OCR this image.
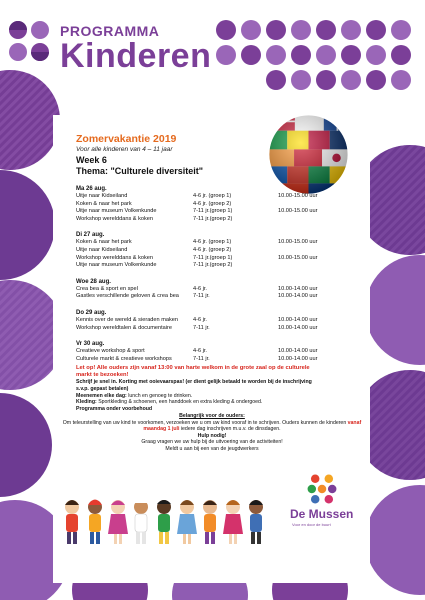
PROGRAMMA
Kinderen
Zomervakantie 2019
Voor alle kinderen van 4 – 11 jaar
Week 6
Thema: "Culturele diversiteit"
Ma 26 aug.
Uitje naar Kidseiland	4-6 jr. (groep 1)	10.00-15.00 uur
Koken & naar het park	4-6 jr. (groep 2)
Uitje naar museum Volkenkunde	7-11 jr.(groep 1)	10.00-15.00 uur
Workshop werelddans & koken	7-11 jr.(groep 2)
Di 27 aug.
Koken & naar het park	4-6 jr. (groep 1)	10.00-15.00 uur
Uitje naar Kidseiland	4-6 jr. (groep 2)
Workshop werelddans & koken	7-11 jr.(groep 1)	10.00-15.00 uur
Uitje naar museum Volkenkunde	7-11 jr.(groep 2)
Woe 28 aug.
Crea bea & sport en spel	4-6 jr.	10.00-14.00 uur
Gastles verschillende geloven & crea bea	7-11 jr.	10.00-14.00 uur
Do 29 aug.
Kennis over de wereld & sieraden maken	4-6 jr.	10.00-14.00 uur
Workshop wereldtalen & documentaire	7-11 jr.	10.00-14.00 uur
Vr 30 aug.
Creatieve workshop & sport	4-6 jr.	10.00-14.00 uur
Culturele markt & creatieve workshops	7-11 jr.	10.00-14.00 uur
Let op! Alle ouders zijn vanaf 13:00 van harte welkom in de grote zaal op de culturele markt te bezoeken!
Schrijf je snel in. Korting met ooievaarspas! (er dient gelijk betaald te worden bij de inschrijving s.v.p. gepast betalen)
Meenemen elke dag: lunch en genoeg te drinken.
Kleding: Sportkleding & schoenen, een handdoek en extra kleding & ondergoed.
Programma onder voorbehoud
Belangrijk voor de ouders:
Om teleurstelling van uw kind te voorkomen, verzoeken we u om uw kind vooraf in te schrijven. Ouders kunnen de kinderen vanaf maandag 1 juli iedere dag inschrijven m.u.v. de dinsdagen.
Hulp nodig!
Graag vragen we uw hulp bij de uitvoering van de activiteiten!
Meldt u aan bij een van de jeugdwerkers
De Mussen
Voor en door de buurt
